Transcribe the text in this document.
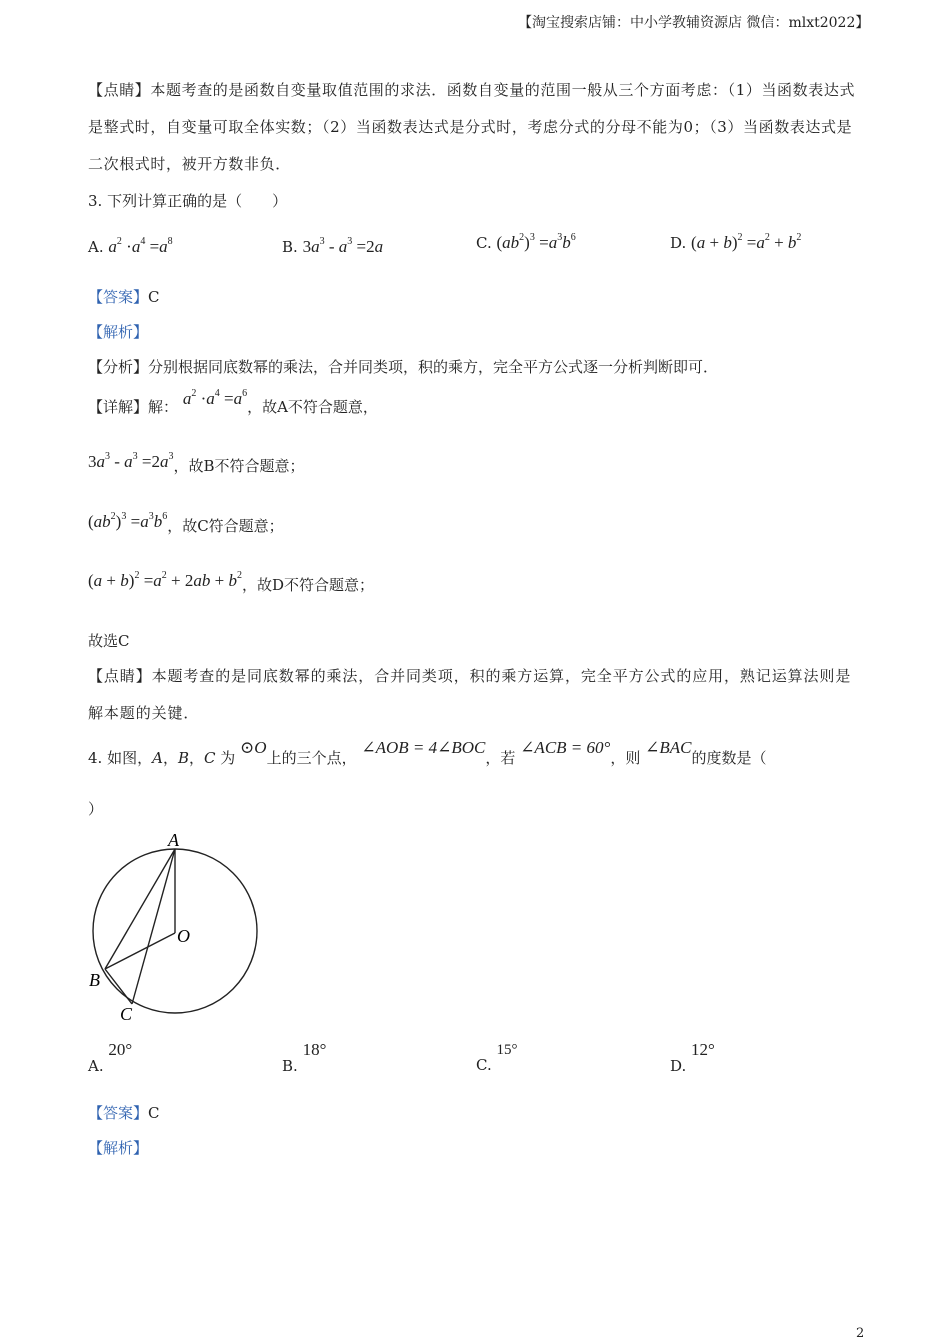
【淘宝搜索店铺：中小学教辅资源店 微信：mlxt2022】
【点睛】本题考查的是函数自变量取值范围的求法．函数自变量的范围一般从三个方面考虑：（1）当函数表达式是整式时，自变量可取全体实数；（2）当函数表达式是分式时，考虑分式的分母不能为0；（3）当函数表达式是二次根式时，被开方数非负．
3. 下列计算正确的是（　　）
A. $a^2 \cdot a^4 =a^8$	B. $3a^3 - a^3 =2a$	C. $(ab^2)^3 =a^3b^6$	D. $(a + b)^2 =a^2 + b^2$
【答案】C
【解析】
【分析】分别根据同底数幂的乘法，合并同类项，积的乘方，完全平方公式逐一分析判断即可．
【详解】解： $a^2 \cdot a^4 =a^6$，故A不符合题意，
$3a^3 - a^3 =2a^3$，故B不符合题意；
$(ab^2)^3 =a^3b^6$，故C符合题意；
$(a + b)^2 =a^2 + 2ab + b^2$，故D不符合题意；
故选C
【点睛】本题考查的是同底数幂的乘法，合并同类项，积的乘方运算，完全平方公式的应用，熟记运算法则是解本题的关键．
4. 如图，A，B，C 为 ⊙O上的三个点， ∠AOB = 4∠BOC，若 ∠ACB = 60°，则 ∠BAC的度数是（
）
A
O
B
C
A. 20°
B. 18°
C. 15°
D. 12°
【答案】C
【解析】
2
